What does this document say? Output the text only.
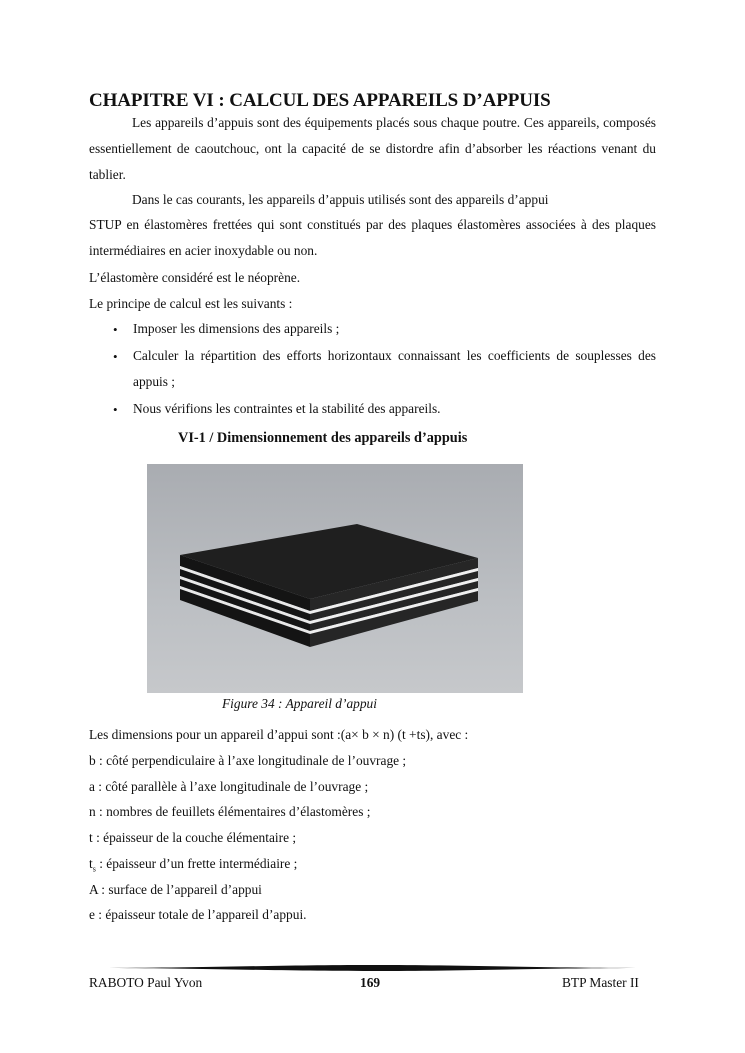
CHAPITRE VI : CALCUL DES APPAREILS D’APPUIS
Les appareils d’appuis sont des équipements placés sous chaque poutre. Ces appareils, composés essentiellement de caoutchouc, ont la capacité de se distordre afin d’absorber les réactions venant du tablier.
Dans le cas courants, les appareils d’appuis utilisés sont des appareils d’appui
STUP en élastomères frettées qui sont constitués par des plaques élastomères associées à des plaques intermédiaires en acier inoxydable ou non.
L’élastomère considéré est le néoprène.
Le principe de calcul est les suivants :
• Imposer les dimensions des appareils ;
• Calculer la répartition des efforts horizontaux connaissant les coefficients de souplesses des appuis ;
• Nous vérifions les contraintes et la stabilité des appareils.
VI-1 / Dimensionnement des appareils d’appuis
Figure 34 : Appareil d’appui
Les dimensions pour un appareil d’appui sont :(a× b × n) (t +ts), avec :
b : côté perpendiculaire à l’axe longitudinale de l’ouvrage ;
a : côté parallèle à l’axe longitudinale de l’ouvrage ;
n : nombres de feuillets élémentaires d’élastomères ;
t : épaisseur de la couche élémentaire ;
$t_s$ : épaisseur d’un frette intermédiaire ;
A : surface de l’appareil d’appui
e : épaisseur totale de l’appareil d’appui.
RABOTO Paul Yvon	169	BTP Master II
